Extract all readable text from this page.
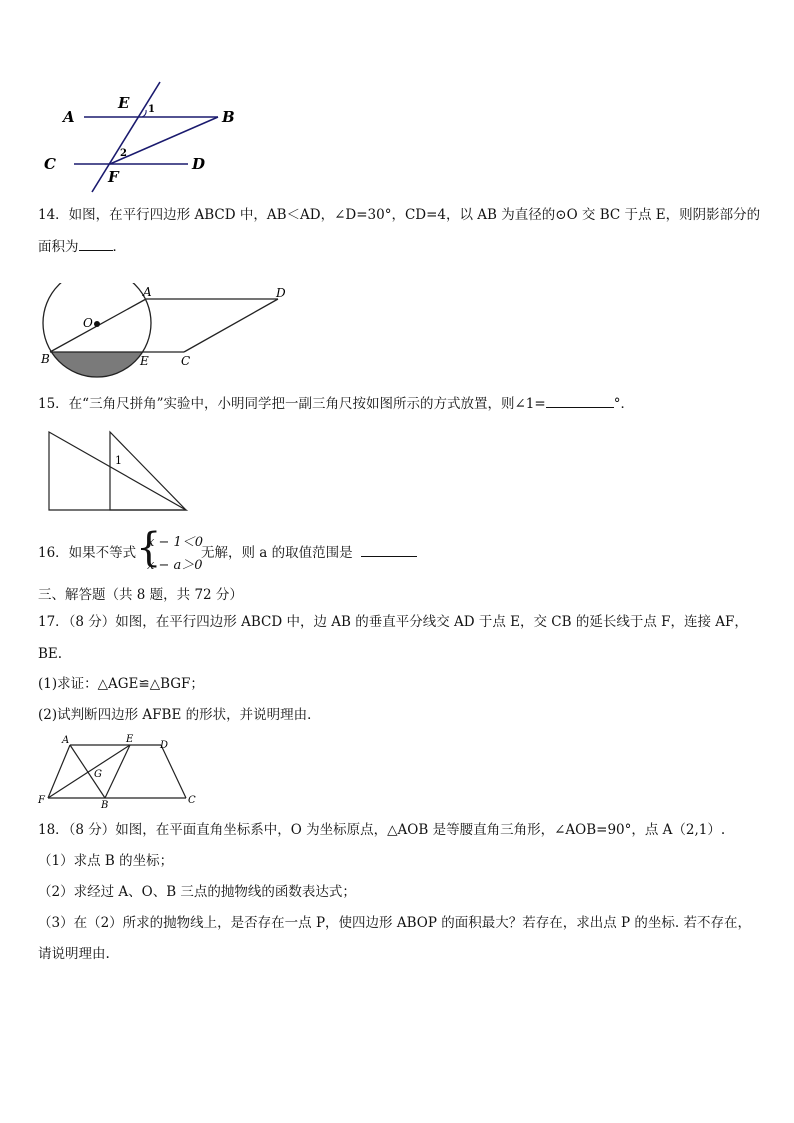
A
E 1	B
C
2
D
F
14．如图，在平行四边形 ABCD 中，AB＜AD，∠D=30°，CD=4，以 AB 为直径的⊙O 交 BC 于点 E，则阴影部分的
面积为	．
A	D
O
B	E	C
15．在“三角尺拼角”实验中，小明同学把一副三角尺按如图所示的方式放置，则∠1=	°．
1
16．如果不等式 {
x − 1＜0
x − a＞0
无解，则 a 的取值范围是
三、解答题（共 8 题，共 72 分）
17．（8 分）如图，在平行四边形 ABCD 中，边 AB 的垂直平分线交 AD 于点 E，交 CB 的延长线于点 F，连接 AF，
BE.
(1)求证：△AGE≌△BGF；
(2)试判断四边形 AFBE 的形状，并说明理由．
A	E
D
G
F	B	C
18．（8 分）如图，在平面直角坐标系中，O 为坐标原点，△AOB 是等腰直角三角形，∠AOB=90°，点 A（2,1）.
（1）求点 B 的坐标；
（2）求经过 A、O、B 三点的抛物线的函数表达式；
（3）在（2）所求的抛物线上，是否存在一点 P，使四边形 ABOP 的面积最大？若存在，求出点 P 的坐标. 若不存在，
请说明理由.
